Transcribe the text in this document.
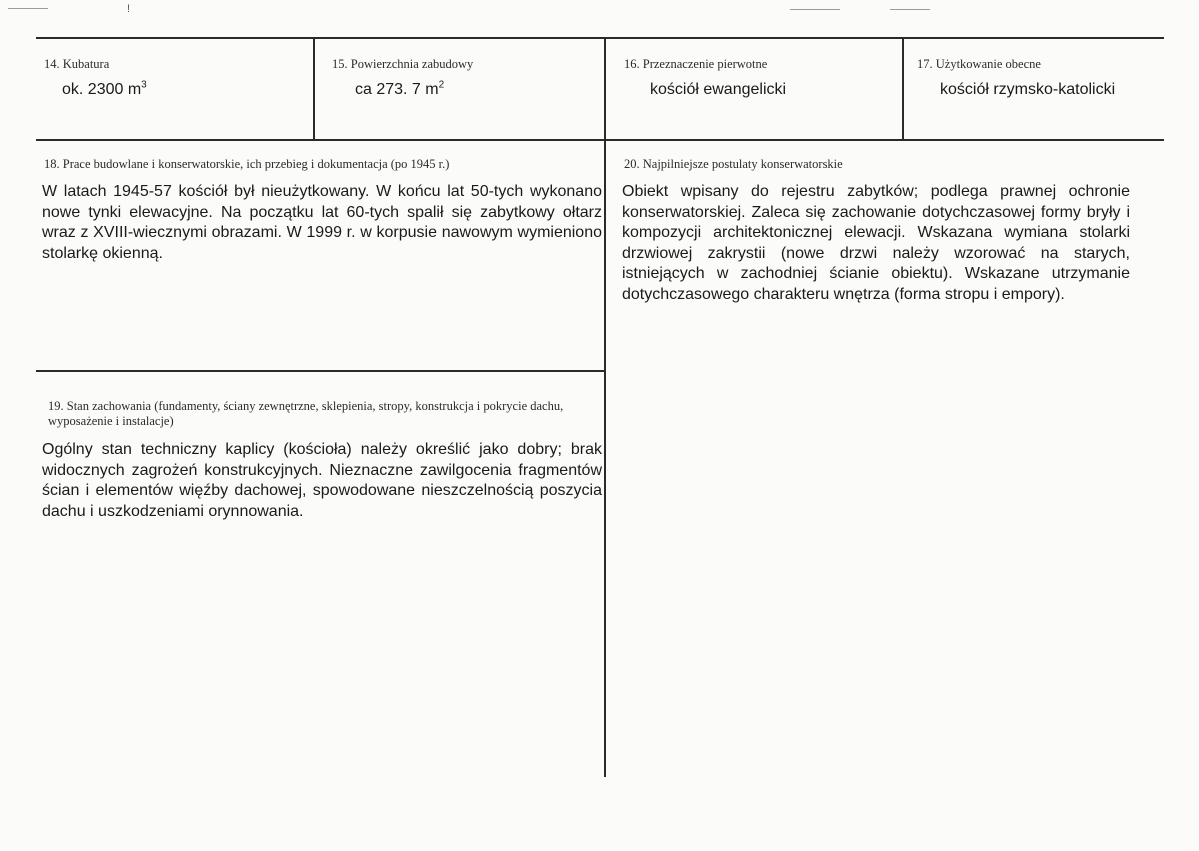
!
14. Kubatura
ok. 2300 $m^3$
15. Powierzchnia zabudowy
ca 273. 7 $m^2$
16. Przeznaczenie pierwotne
kościół ewangelicki
17. Użytkowanie obecne
kościół rzymsko-katolicki
18. Prace budowlane i konserwatorskie, ich przebieg i dokumentacja (po 1945 r.)
W latach 1945-57 kościół był nieużytkowany. W końcu lat 50-tych wykonano nowe tynki elewacyjne. Na początku lat 60-tych spalił się zabytkowy ołtarz wraz z XVIII-wiecznymi obrazami. W 1999 r. w korpusie nawowym wymieniono stolarkę okienną.
19. Stan zachowania (fundamenty, ściany zewnętrzne, sklepienia, stropy, konstrukcja i pokrycie dachu, wyposażenie i instalacje)
Ogólny stan techniczny kaplicy (kościoła) należy określić jako dobry; brak widocznych zagrożeń konstrukcyjnych. Nieznaczne zawilgocenia fragmentów ścian i elementów więźby dachowej, spowodowane nieszczelnością poszycia dachu i uszkodzeniami orynnowania.
20. Najpilniejsze postulaty konserwatorskie
Obiekt wpisany do rejestru zabytków; podlega prawnej ochronie konserwatorskiej. Zaleca się zachowanie dotychczasowej formy bryły i kompozycji architektonicznej elewacji. Wskazana wymiana stolarki drzwiowej zakrystii (nowe drzwi należy wzorować na starych, istniejących w zachodniej ścianie obiektu). Wskazane utrzymanie dotychczasowego charakteru wnętrza (forma stropu i empory).
